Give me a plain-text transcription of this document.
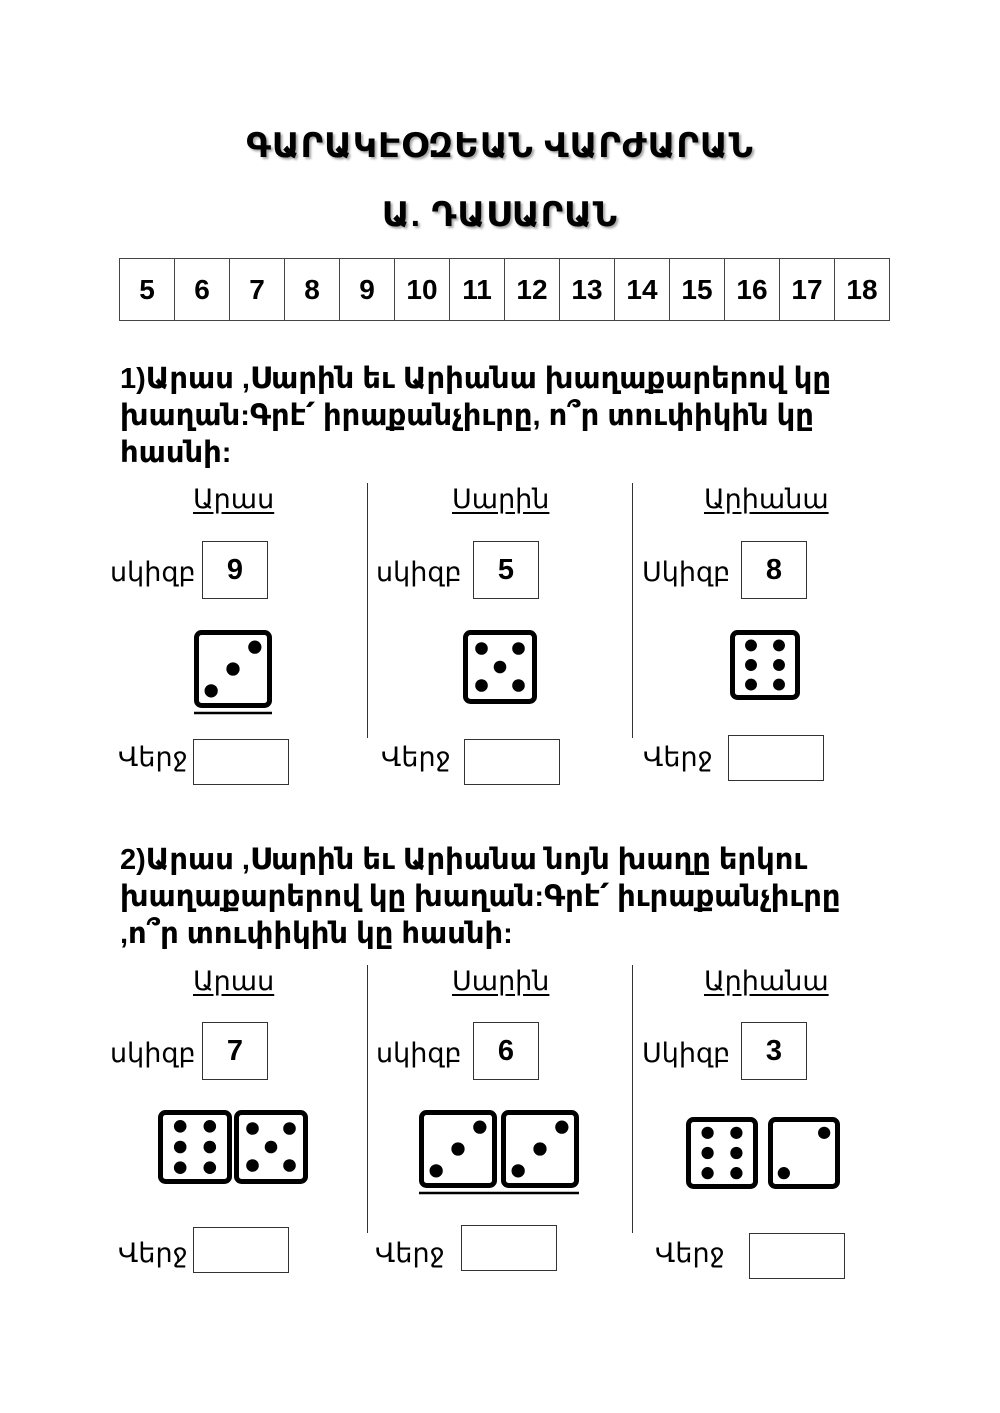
ԳԱՐԱԿԷՕԶԵԱՆ ՎԱՐԺԱՐԱՆ
Ա. ԴԱՍԱՐԱՆ
5	6	7	8	9	10	11	12	13	14	15	16	17	18
1)Արաս ,Սարին եւ Արիանա խաղաքարերով կը
խաղան:Գրէ՛ իրաքանչիւրը, ո՞ր տուփիկին կը
հասնի:
Արաս
սկիզբ	9
Վերջ
Սարին
սկիզբ	5
Վերջ
Արիանա
Սկիզբ	8
Վերջ
2)Արաս ,Սարին եւ Արիանա նոյն խաղը երկու
խաղաքարերով կը խաղան:Գրէ՛ իւրաքանչիւրը
,ո՞ր տուփիկին կը հասնի:
Արաս
սկիզբ	7
Վերջ
Սարին
սկիզբ	6
Վերջ
Արիանա
Սկիզբ	3
Վերջ
